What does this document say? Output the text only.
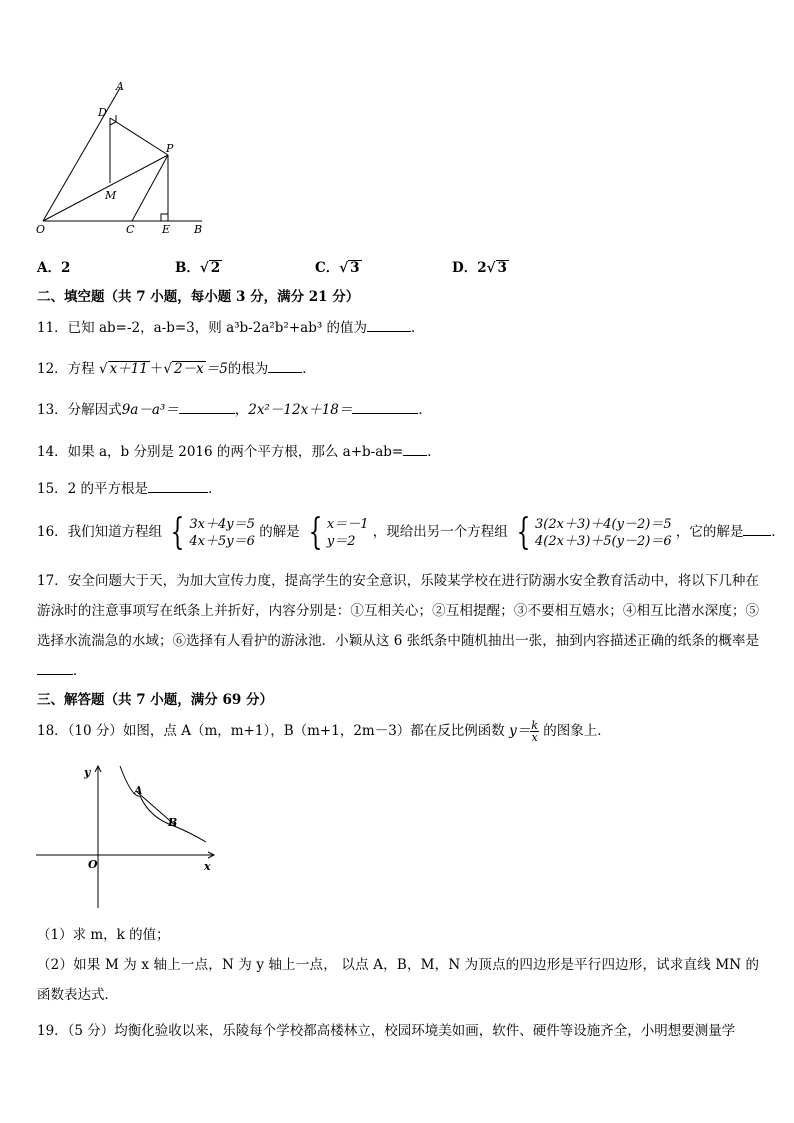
A
D
P
M
O	C	E B
A．2	B．√ 2	C．√ 3	D．2√ 3
二、填空题（共 7 小题，每小题 3 分，满分 21 分）
11．已知 ab=-2，a-b=3，则 a³b-2a²b²+ab³ 的值为	．
12．方程 √ x＋11 ＋√ 2－x ＝5的根为	．
13．分解因式9a－a³＝	，2x²－12x＋18＝	．
14．如果 a，b 分别是 2016 的两个平方根，那么 a+b-ab= ．
15．2 的平方根是	．
16．我们知道方程组 { 3x＋4y＝5
4x＋5y＝6
的解是 { x＝－1
y＝2
，现给出另一个方程组 { 3(2x＋3)＋4(y－2)＝5
4(2x＋3)＋5(y－2)＝6
，它的解是 ．
17．安全问题大于天，为加大宣传力度，提高学生的安全意识，乐陵某学校在进行防溺水安全教育活动中，将以下几种在游泳时的注意事项写在纸条上并折好，内容分别是：①互相关心；②互相提醒；③不要相互嬉水；④相互比潜水深度；⑤选择水流湍急的水域；⑥选择有人看护的游泳池．小颖从这 6 张纸条中随机抽出一张，抽到内容描述正确的纸条的概率是．
三、解答题（共 7 小题，满分 69 分）
18．（10 分）如图，点 A（m，m+1），B（m+1，2m－3）都在反比例函数 $y= \frac{k}{x}$ 的图象上．
y
x
O
A
B
（1）求 m，k 的值；
（2）如果 M 为 x 轴上一点，N 为 y 轴上一点， 以点 A，B，M，N 为顶点的四边形是平行四边形，试求直线 MN 的函数表达式．
19．（5 分）均衡化验收以来，乐陵每个学校都高楼林立，校园环境美如画，软件、硬件等设施齐全，小明想要测量学
